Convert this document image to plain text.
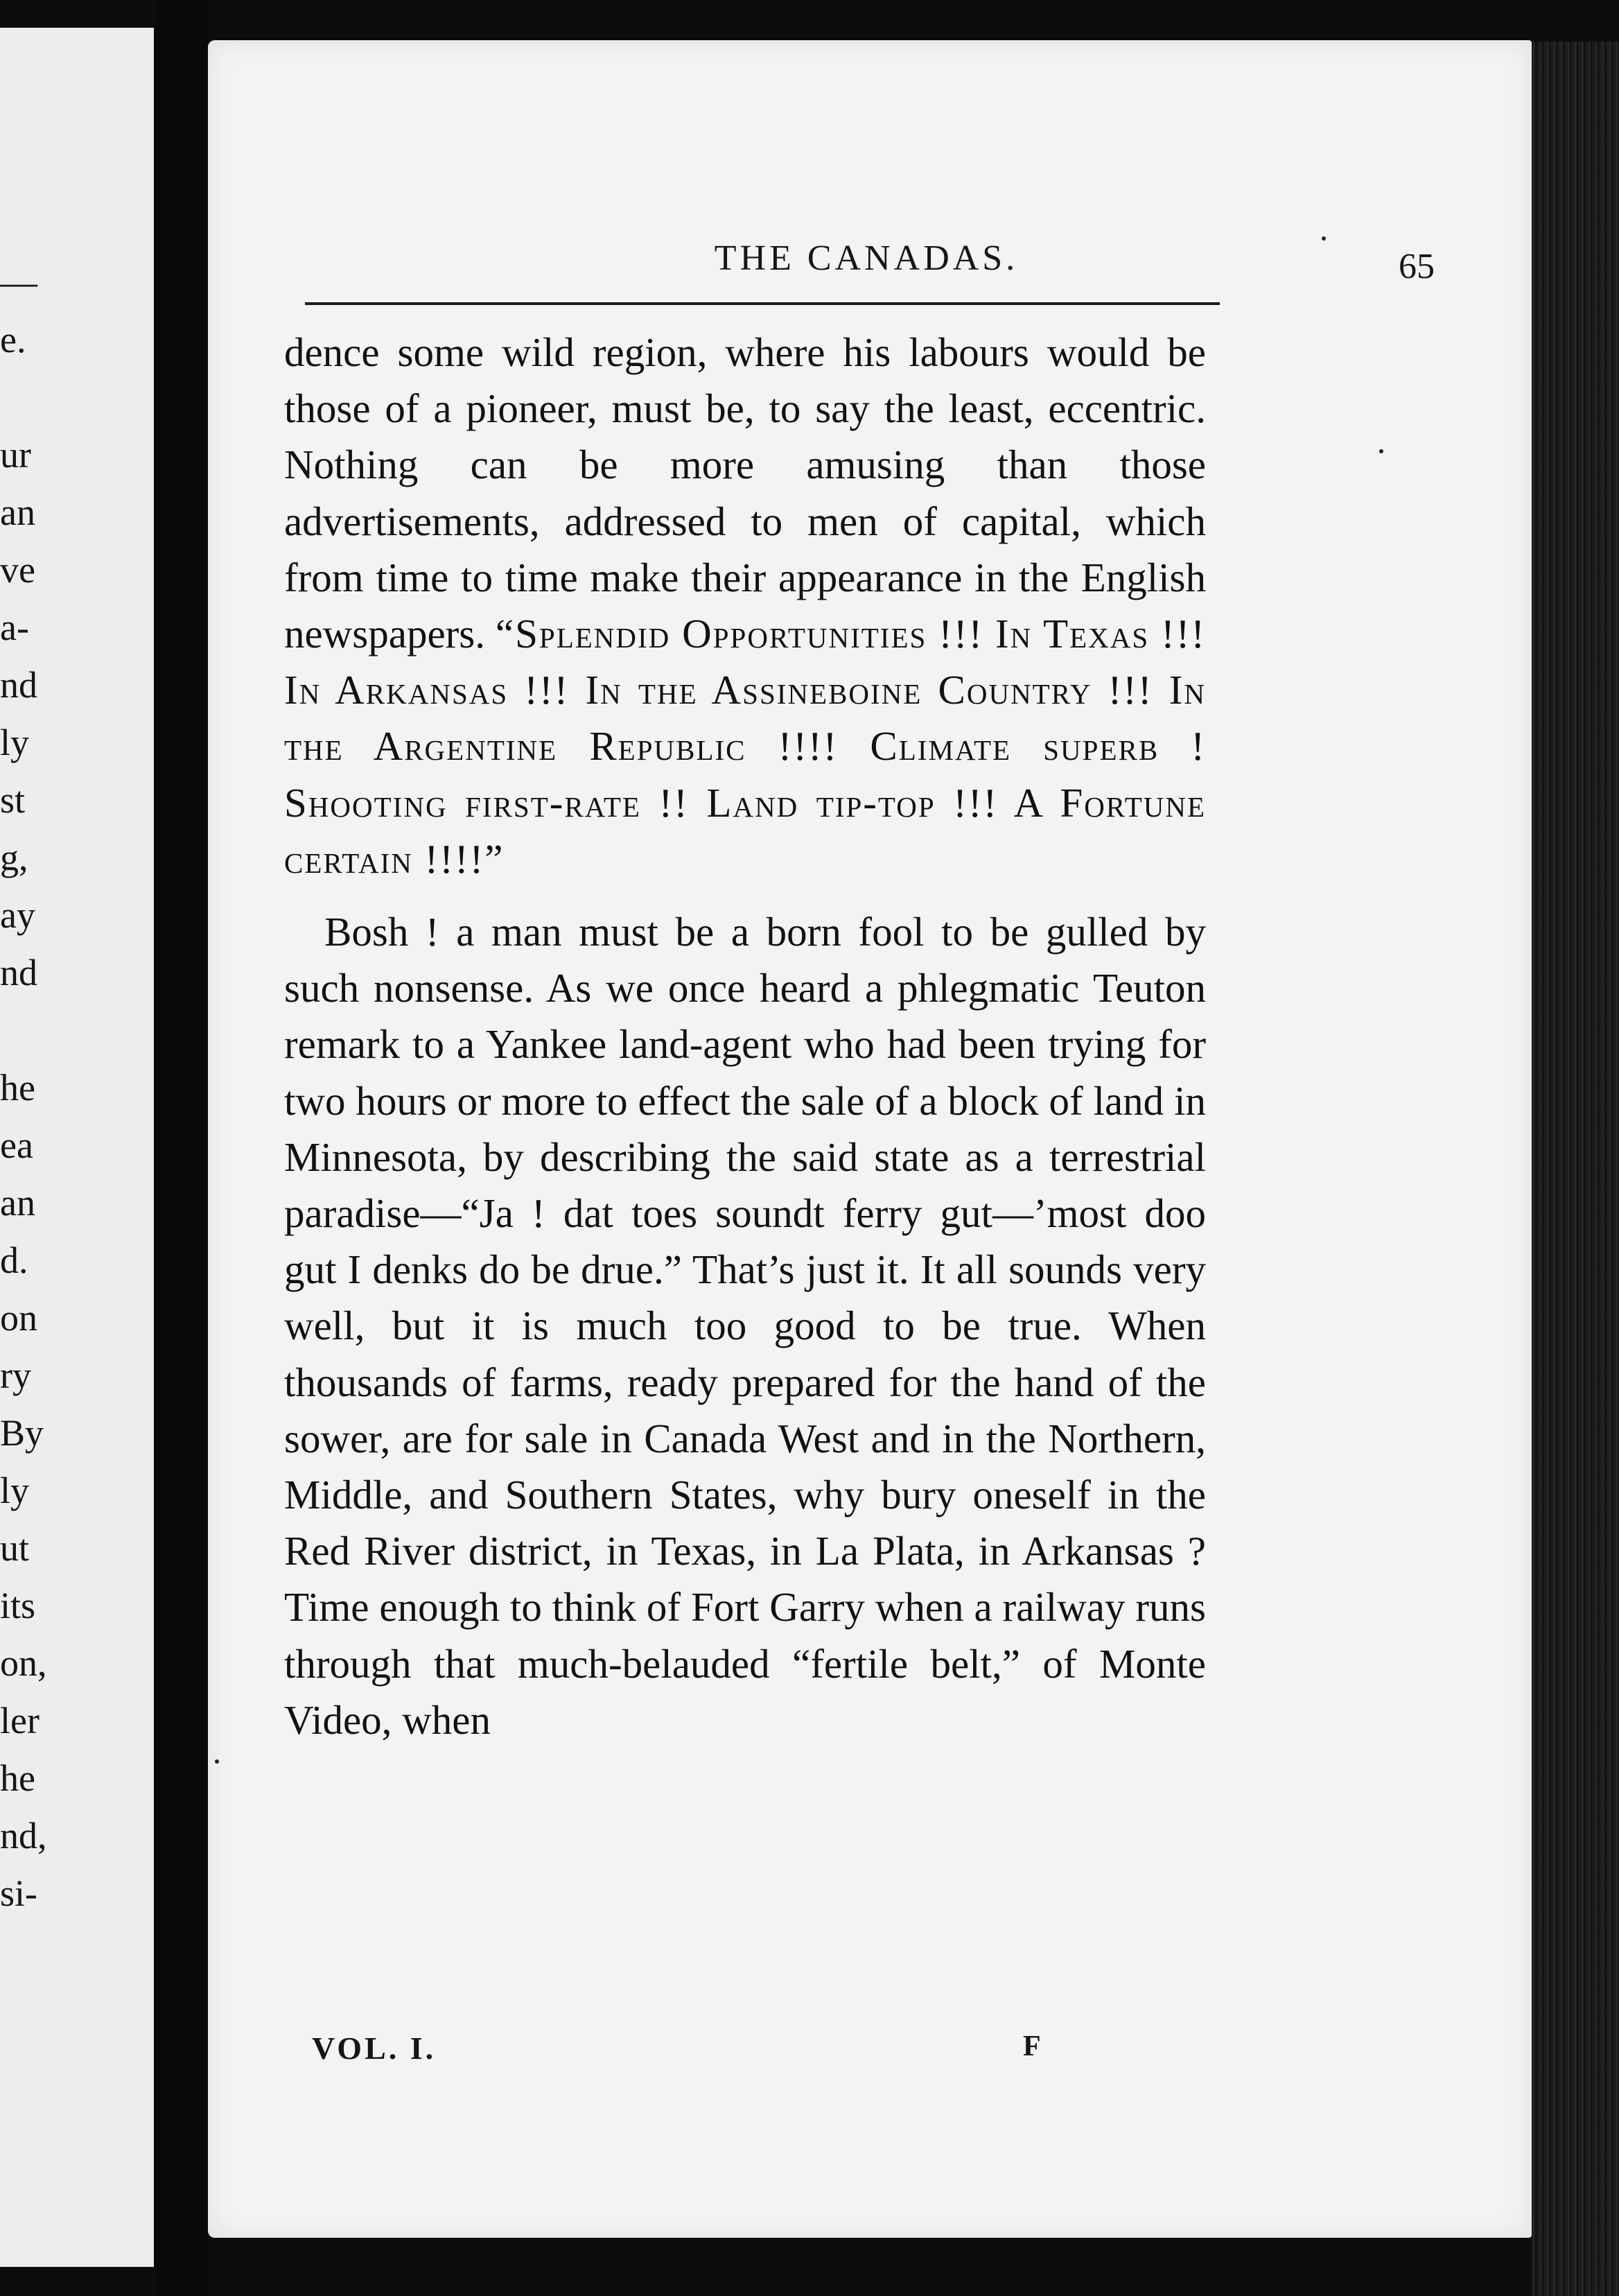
—
e.
ur
an
ve
a-
nd
ly
st
g,
ay
nd
he
ea
an
d.
on
ry
By
ly
ut
its
on,
ler
he
nd,
si-
THE CANADAS.	65

dence some wild region, where his labours would be those of a pioneer, must be, to say the least, eccentric. Nothing can be more amusing than those advertisements, addressed to men of capital, which from time to time make their appearance in the English newspapers. “Splendid Opportunities !!! In Texas !!! In Arkansas !!! In the Assineboine Country !!! In the Argentine Republic !!!! Climate superb ! Shooting first-rate !! Land tip-top !!! A Fortune certain !!!!”

Bosh ! a man must be a born fool to be gulled by such nonsense. As we once heard a phlegmatic Teuton remark to a Yankee land-agent who had been trying for two hours or more to effect the sale of a block of land in Minnesota, by describing the said state as a terrestrial paradise—“Ja ! dat toes soundt ferry gut—’most doo gut I denks do be drue.” That’s just it. It all sounds very well, but it is much too good to be true. When thousands of farms, ready prepared for the hand of the sower, are for sale in Canada West and in the Northern, Middle, and Southern States, why bury oneself in the Red River district, in Texas, in La Plata, in Arkansas ? Time enough to think of Fort Garry when a railway runs through that much-belauded “fertile belt,” of Monte Video, when

VOL. I.	F
